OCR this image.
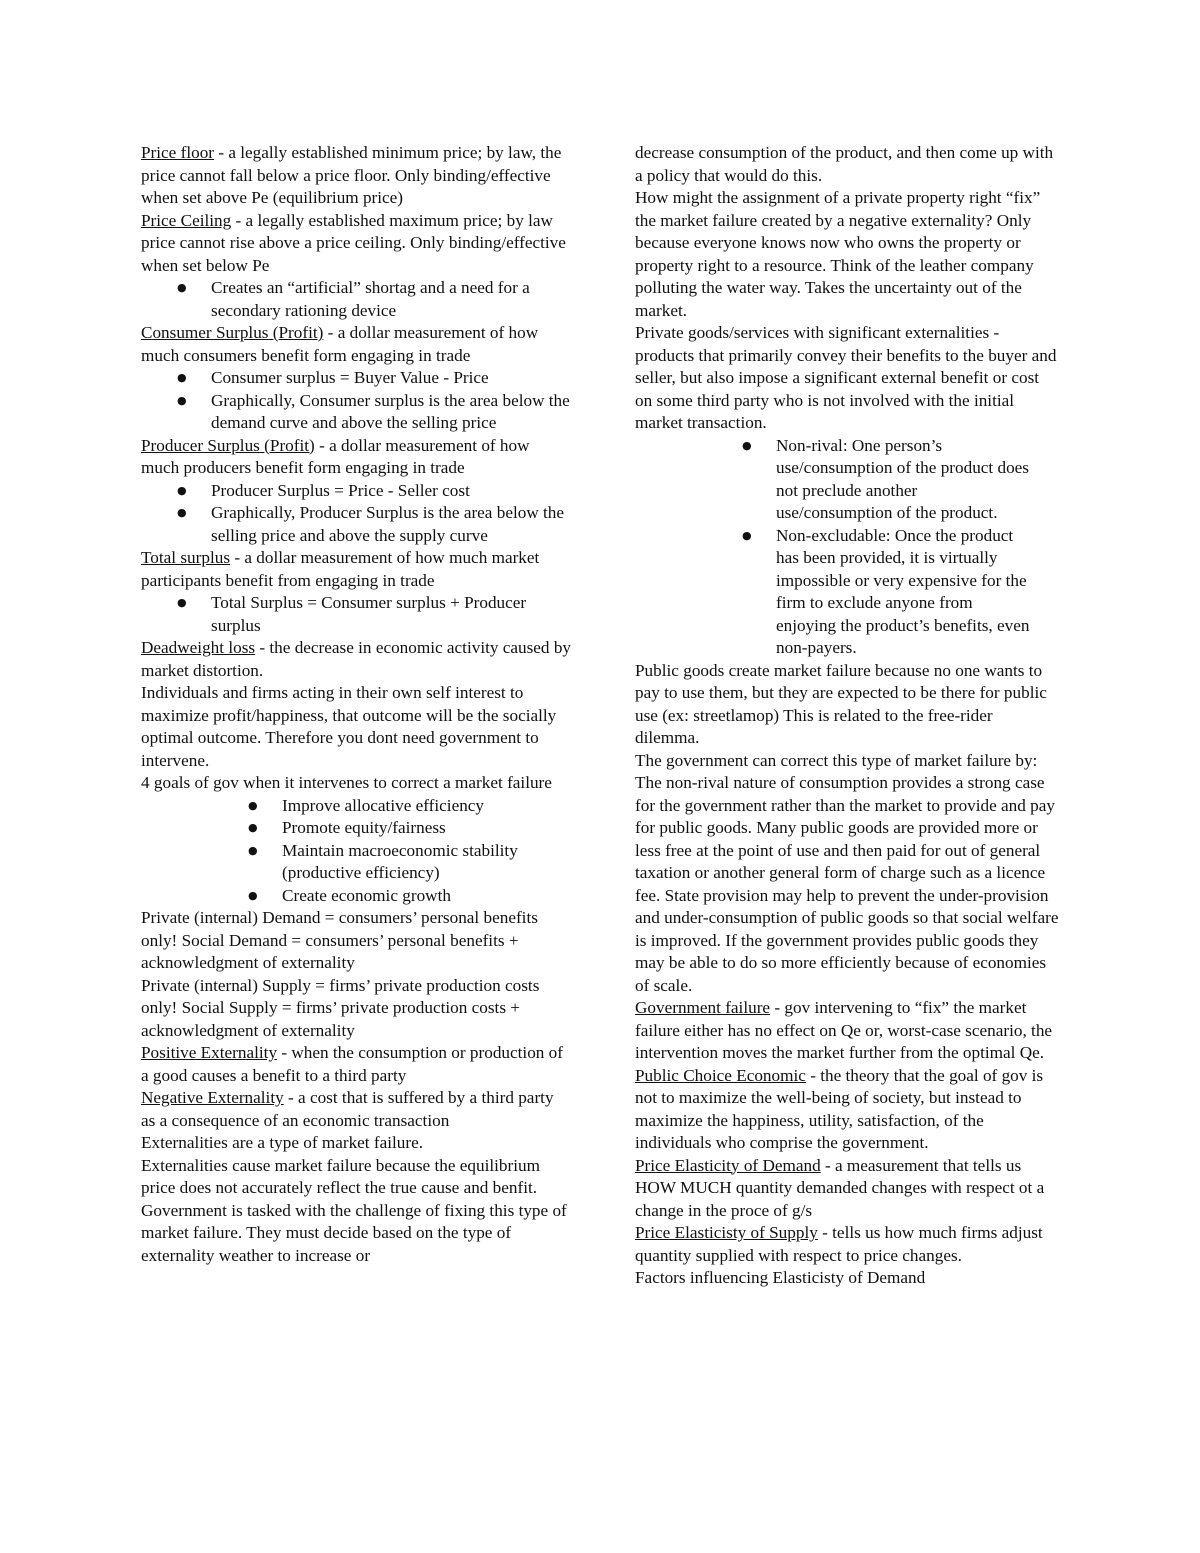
Price floor - a legally established minimum price; by law, the price cannot fall below a price floor. Only binding/effective when set above Pe (equilibrium price)

Price Ceiling - a legally established maximum price; by law price cannot rise above a price ceiling. Only binding/effective when set below Pe

● Creates an “artificial” shortag and a need for a secondary rationing device

Consumer Surplus (Profit) - a dollar measurement of how much consumers benefit form engaging in trade

● Consumer surplus = Buyer Value - Price
● Graphically, Consumer surplus is the area below the demand curve and above the selling price

Producer Surplus (Profit) - a dollar measurement of how much producers benefit form engaging in trade

● Producer Surplus = Price - Seller cost
● Graphically, Producer Surplus is the area below the selling price and above the supply curve

Total surplus - a dollar measurement of how much market participants benefit from engaging in trade

● Total Surplus = Consumer surplus + Producer surplus

Deadweight loss - the decrease in economic activity caused by market distortion.

Individuals and firms acting in their own self interest to maximize profit/happiness, that outcome will be the socially optimal outcome. Therefore you dont need government to intervene.

4 goals of gov when it intervenes to correct a market failure

● Improve allocative efficiency
● Promote equity/fairness
● Maintain macroeconomic stability (productive efficiency)
● Create economic growth

Private (internal) Demand = consumers’ personal benefits only! Social Demand = consumers’ personal benefits + acknowledgment of externality

Private (internal) Supply = firms’ private production costs only! Social Supply = firms’ private production costs + acknowledgment of externality

Positive Externality - when the consumption or production of a good causes a benefit to a third party

Negative Externality - a cost that is suffered by a third party as a consequence of an economic transaction

Externalities are a type of market failure.

Externalities cause market failure because the equilibrium price does not accurately reflect the true cause and benfit.

Government is tasked with the challenge of fixing this type of market failure. They must decide based on the type of externality weather to increase or

decrease consumption of the product, and then come up with a policy that would do this.

How might the assignment of a private property right “fix” the market failure created by a negative externality? Only because everyone knows now who owns the property or property right to a resource. Think of the leather company polluting the water way. Takes the uncertainty out of the market.

Private goods/services with significant externalities - products that primarily convey their benefits to the buyer and seller, but also impose a significant external benefit or cost on some third party who is not involved with the initial market transaction.

● Non-rival: One person’s use/consumption of the product does not preclude another use/consumption of the product.
● Non-excludable: Once the product has been provided, it is virtually impossible or very expensive for the firm to exclude anyone from enjoying the product’s benefits, even non-payers.

Public goods create market failure because no one wants to pay to use them, but they are expected to be there for public use (ex: streetlamop) This is related to the free-rider dilemma.

The government can correct this type of market failure by: The non-rival nature of consumption provides a strong case for the government rather than the market to provide and pay for public goods. Many public goods are provided more or less free at the point of use and then paid for out of general taxation or another general form of charge such as a licence fee. State provision may help to prevent the under-provision and under-consumption of public goods so that social welfare is improved. If the government provides public goods they may be able to do so more efficiently because of economies of scale.

Government failure - gov intervening to “fix” the market failure either has no effect on Qe or, worst-case scenario, the intervention moves the market further from the optimal Qe.

Public Choice Economic - the theory that the goal of gov is not to maximize the well-being of society, but instead to maximize the happiness, utility, satisfaction, of the individuals who comprise the government.

Price Elasticity of Demand - a measurement that tells us HOW MUCH quantity demanded changes with respect ot a change in the proce of g/s

Price Elasticisty of Supply - tells us how much firms adjust quantity supplied with respect to price changes.

Factors influencing Elasticisty of Demand
